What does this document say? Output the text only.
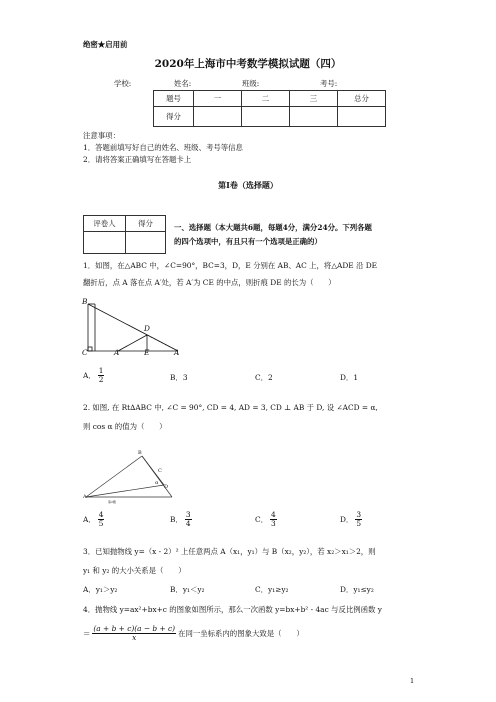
绝密★启用前
2020年上海市中考数学模拟试题（四）
学校:	姓名:	班级:	考号:
题号	一	二	三	总分
得分				
注意事项：
1．答题前填写好自己的姓名、班级、考号等信息
2．请将答案正确填写在答题卡上
第I卷（选择题）
评卷人	得分
		一、选择题（本大题共6题，每题4分，满分24分。下列各题
的四个选项中，有且只有一个选项是正确的）
1．如图，在△ABC 中，∠C=90°，BC=3，D，E 分别在 AB、AC 上，将△ADE 沿 DE
翻折后，点 A 落在点 A′处，若 A′为 CE 的中点，则折痕 DE 的长为（　　）
B
D
C	A′	E	A
A． $\frac{1}{2}$	B．3	C．2	D．1
2. 如图, 在 Rt∆ABC 中, ∠C = 90°, CD = 4, AD = 3, CD ⊥ AB 于 D, 设 ∠ACD = α,
则 cos α 的值为（　　）
B
C
α
D
A
第2题
A． $\frac{4}{5}$	B． $\frac{3}{4}$	C． $\frac{4}{3}$	D． $\frac{3}{5}$
3．已知抛物线 y=（x - 2）² 上任意两点 A（x₁，y₁）与 B（x₂，y₂），若 x₂＞x₁＞2，则
y₁ 和 y₂ 的大小关系是（　　）
A．y₁＞y₂	B．y₁＜y₂	C．y₁≥y₂	D．y₁≤y₂
4．抛物线 y=ax²+bx+c 的图象如图所示，那么一次函数 y=bx+b² - 4ac 与反比例函数 y
＝ $\frac{(a + b + c)(a - b + c)}{x}$ 在同一坐标系内的图象大致是（　　）
1
